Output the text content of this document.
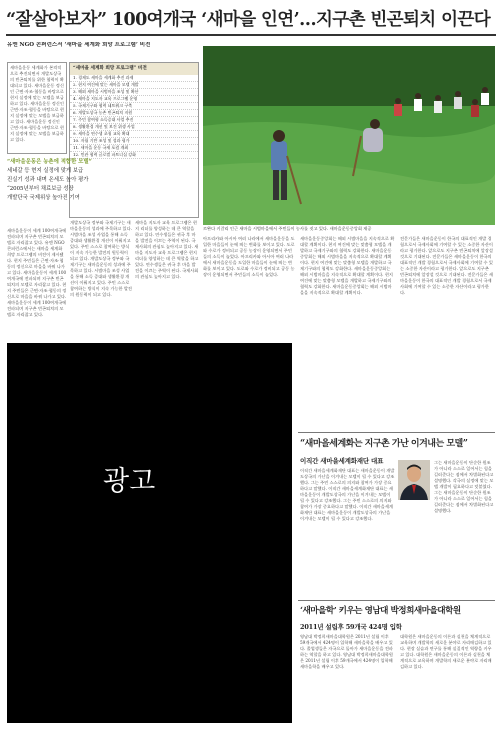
“잘살아보자” 100여개국 ‘새마을 인연’…지구촌 빈곤퇴치 이끈다
유엔 NGO 콘퍼런스서 ‘새마을 세계화 희망 프로그램’ 비전
새마을운동 세계화가 본격적으로 추진되면서 개발도상국의 빈곤퇴치를 위한 협력이 확대되고 있다. 새마을운동 정신인 근면·자조·협동을 바탕으로 현지 실정에 맞는 모델을 보급하고 있다. 새마을운동 정신인 근면·자조·협동을 바탕으로 현지 실정에 맞는 모델을 보급하고 있다. 새마을운동 정신인 근면·자조·협동을 바탕으로 현지 실정에 맞는 모델을 보급하고 있다.
“새마을 세계화 희망 프로그램” 비전
1. 경제도 새마을 세계화 추진 과제
2. 현지 여건에 맞는 새마을 모델 개발
3. 해외 새마을 시범마을 조성 및 확산
4. 새마을 지도자 교육 프로그램 운영
5. 국제기구와 협력 네트워크 구축
6. 개발도상국 농촌 빈곤퇴치 지원
7. 주민 참여형 소득증대 사업 추진
8. 생활환경 개선 및 보건 위생 사업
9. 새마을 연수생 초청 교육 확대
10. 자립 기반 조성 및 성과 평가
11. 새마을 운동 국제 포럼 개최
12. 민관 협력 글로벌 파트너십 강화
“새마을운동은 농촌에 적합한 모델”
세네갈 등 현지 실정에 맞게 보급
진실기 성과 내며 온세도 높아 평가
“2005년부터 채료보급 성장
개발단국 국제위상 높아진 기여
르완다 키갈리 인근 새마을 시범마을에서 주민들이 농사를 짓고 있다. 새마을운동중앙회 제공
새마을운동이 세계 100여개국에 전파되며 지구촌 빈곤퇴치의 모델로 자리잡고 있다. 유엔 NGO 콘퍼런스에서는 새마을 세계화 희망 프로그램의 비전이 제시됐다. 현지 주민들은 근면·자조·협동의 정신으로 마을을 바꿔 나가고 있다. 새마을운동이 세계 100여개국에 전파되며 지구촌 빈곤퇴치의 모델로 자리잡고 있다. 현지 주민들은 근면·자조·협동의 정신으로 마을을 바꿔 나가고 있다. 새마을운동이 세계 100여개국에 전파되며 지구촌 빈곤퇴치의 모델로 자리잡고 있다.
개발도상국 정부와 국제기구는 새마을운동의 성과에 주목하고 있다. 시범마을 조성 사업을 통해 소득 증대와 생활환경 개선이 이뤄지고 있다. 주민 스스로 참여하는 방식이 지속 가능한 발전의 원동력이 되고 있다. 개발도상국 정부와 국제기구는 새마을운동의 성과에 주목하고 있다. 시범마을 조성 사업을 통해 소득 증대와 생활환경 개선이 이뤄지고 있다. 주민 스스로 참여하는 방식이 지속 가능한 발전의 원동력이 되고 있다.
새마을 지도자 교육 프로그램은 현지 리더를 양성하는 데 큰 역할을 하고 있다. 연수생들은 귀국 후 마을 발전을 이끄는 주역이 된다. 국제사회의 관심도 높아지고 있다. 새마을 지도자 교육 프로그램은 현지 리더를 양성하는 데 큰 역할을 하고 있다. 연수생들은 귀국 후 마을 발전을 이끄는 주역이 된다. 국제사회의 관심도 높아지고 있다.
아프리카와 아시아 여러 나라에서 새마을운동을 도입한 마을들이 눈에 띄는 변화를 보이고 있다. 도로와 수로가 정비되고 공동 농장이 운영되면서 주민들의 소득이 늘었다. 아프리카와 아시아 여러 나라에서 새마을운동을 도입한 마을들이 눈에 띄는 변화를 보이고 있다. 도로와 수로가 정비되고 공동 농장이 운영되면서 주민들의 소득이 늘었다.
새마을운동중앙회는 해외 시범마을을 지속적으로 확대할 계획이다. 현지 여건에 맞는 맞춤형 모델을 개발하고 국제기구와의 협력도 강화한다. 새마을운동중앙회는 해외 시범마을을 지속적으로 확대할 계획이다. 현지 여건에 맞는 맞춤형 모델을 개발하고 국제기구와의 협력도 강화한다. 새마을운동중앙회는 해외 시범마을을 지속적으로 확대할 계획이다. 현지 여건에 맞는 맞춤형 모델을 개발하고 국제기구와의 협력도 강화한다. 새마을운동중앙회는 해외 시범마을을 지속적으로 확대할 계획이다.
전문가들은 새마을운동이 한국의 대표적인 개발 경험으로서 국제사회에 기여할 수 있는 소중한 자산이라고 평가한다. 앞으로도 지구촌 빈곤퇴치에 앞장설 것으로 기대된다. 전문가들은 새마을운동이 한국의 대표적인 개발 경험으로서 국제사회에 기여할 수 있는 소중한 자산이라고 평가한다. 앞으로도 지구촌 빈곤퇴치에 앞장설 것으로 기대된다. 전문가들은 새마을운동이 한국의 대표적인 개발 경험으로서 국제사회에 기여할 수 있는 소중한 자산이라고 평가한다.
광고
“새마을세계화는 지구촌 가난 이겨내는 모델”
이직간 새마을세계화재단 대표
이직간 새마을세계화재단 대표는 새마을운동이 개발도상국의 가난을 이겨내는 모델이 될 수 있다고 강조했다. 그는 주민 스스로의 의지와 참여가 가장 중요하다고 말했다. 이직간 새마을세계화재단 대표는 새마을운동이 개발도상국의 가난을 이겨내는 모델이 될 수 있다고 강조했다. 그는 주민 스스로의 의지와 참여가 가장 중요하다고 말했다. 이직간 새마을세계화재단 대표는 새마을운동이 개발도상국의 가난을 이겨내는 모델이 될 수 있다고 강조했다.
그는 새마을운동이 단순한 원조가 아니라 스스로 일어서는 힘을 길러준다는 점에서 차별화된다고 설명했다. 각국의 실정에 맞는 모델 개발이 필요하다고 덧붙였다. 그는 새마을운동이 단순한 원조가 아니라 스스로 일어서는 힘을 길러준다는 점에서 차별화된다고 설명했다.
‘새마을학’ 키우는 영남대 박정희새마을대학원
2011년 설립후 59개국 424명 입학
영남대 박정희새마을대학원은 2011년 설립 이후 59개국에서 424명이 입학해 새마을학을 배우고 있다. 졸업생들은 자국으로 돌아가 새마을운동을 전파하는 역할을 하고 있다. 영남대 박정희새마을대학원은 2011년 설립 이후 59개국에서 424명이 입학해 새마을학을 배우고 있다.
대학원은 새마을운동의 이론과 실천을 체계적으로 교육하며 개발학의 새로운 분야로 자리매김하고 있다. 현장 실습과 연구를 통해 실질적인 역량을 키우고 있다. 대학원은 새마을운동의 이론과 실천을 체계적으로 교육하며 개발학의 새로운 분야로 자리매김하고 있다.
